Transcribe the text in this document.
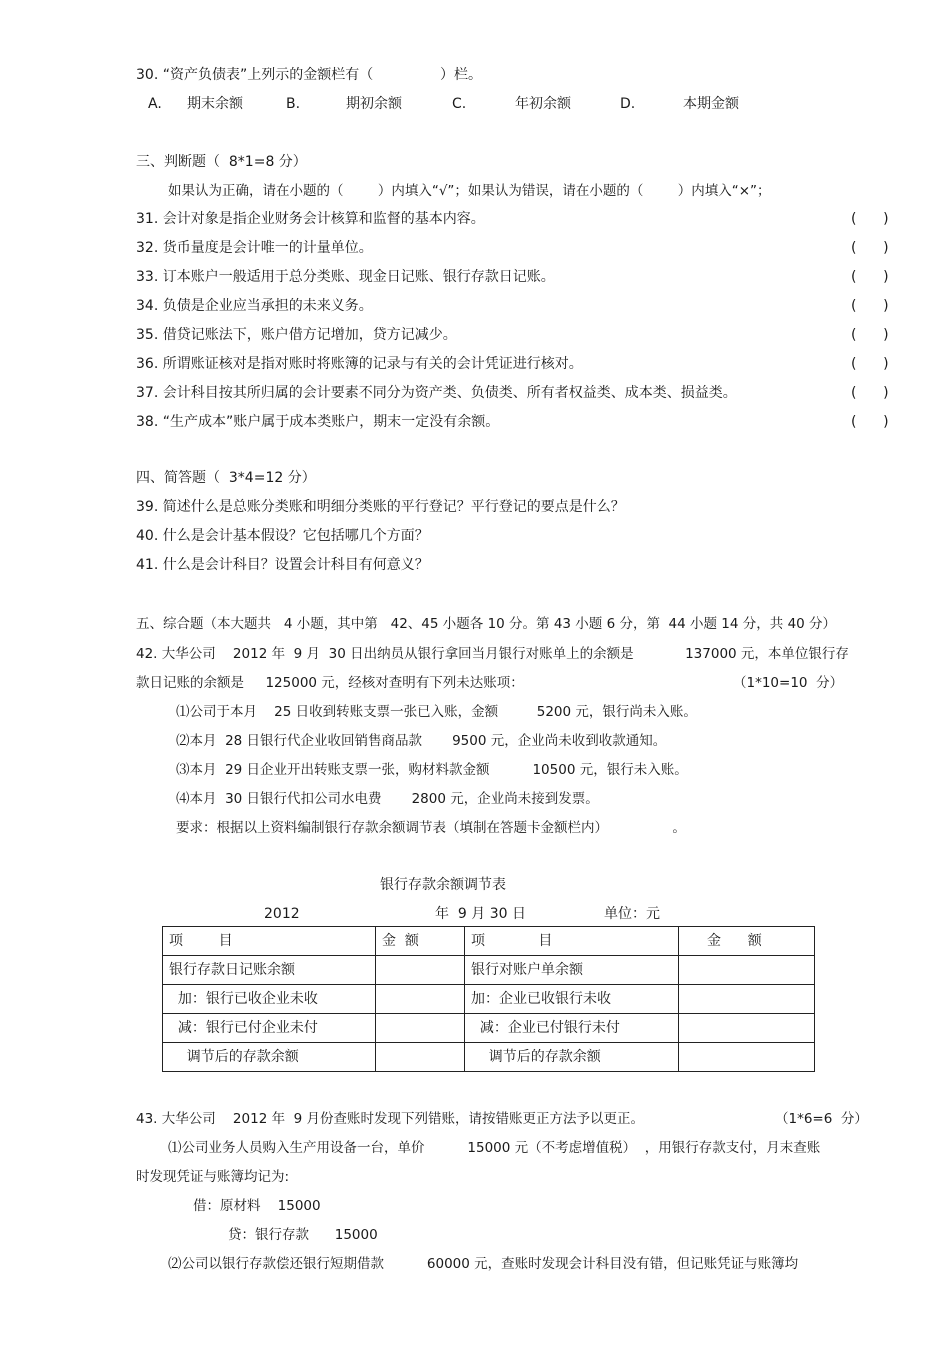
30. “资产负债表”上列示的金额栏有（               ）栏。
A. 期末余额	B.	期初余额	C.	年初余额	D.	本期金额
三、判断题（  8*1=8 分）
如果认为正确，请在小题的（        ）内填入“√”；如果认为错误，请在小题的（        ）内填入“×”；
31. 会计对象是指企业财务会计核算和监督的基本内容。	(      )
32. 货币量度是会计唯一的计量单位。	(      )
33. 订本账户一般适用于总分类账、现金日记账、银行存款日记账。	(      )
34. 负债是企业应当承担的未来义务。	(      )
35. 借贷记账法下，账户借方记增加，贷方记减少。	(      )
36. 所谓账证核对是指对账时将账簿的记录与有关的会计凭证进行核对。	(      )
37. 会计科目按其所归属的会计要素不同分为资产类、负债类、所有者权益类、成本类、损益类。	(      )
38. “生产成本”账户属于成本类账户，期末一定没有余额。	(      )
四、简答题（  3*4=12 分）
39. 简述什么是总账分类账和明细分类账的平行登记？平行登记的要点是什么？
40. 什么是会计基本假设？它包括哪几个方面？
41. 什么是会计科目？设置会计科目有何意义？
五、综合题（本大题共   4 小题，其中第   42、45 小题各 10 分。第 43 小题 6 分，第  44 小题 14 分，共 40 分）
42. 大华公司    2012 年  9 月  30 日出纳员从银行拿回当月银行对账单上的余额是            137000 元，本单位银行存
款日记账的余额是     125000 元，经核对查明有下列未达账项：	（1*10=10  分）
⑴公司于本月    25 日收到转账支票一张已入账，金额         5200 元，银行尚未入账。
⑵本月  28 日银行代企业收回销售商品款       9500 元，企业尚未收到收款通知。
⑶本月  29 日企业开出转账支票一张，购材料款金额          10500 元，银行未入账。
⑷本月  30 日银行代扣公司水电费       2800 元，企业尚未接到发票。
要求：根据以上资料编制银行存款余额调节表（填制在答题卡金额栏内）               。
银行存款余额调节表
2012	年  9 月 30 日	单位：元
项        目	金  额	项            目	金      额
银行存款日记账余额		银行对账户单余额	
加：银行已收企业未收		加：企业已收银行未收	
减：银行已付企业未付		减：企业已付银行未付	
调节后的存款余额		调节后的存款余额	
43. 大华公司    2012 年  9 月份查账时发现下列错账，请按错账更正方法予以更正。	（1*6=6  分）
⑴公司业务人员购入生产用设备一台，单价          15000 元（不考虑增值税）  ，用银行存款支付，月末查账
时发现凭证与账簿均记为:
借：原材料    15000
贷：银行存款      15000
⑵公司以银行存款偿还银行短期借款          60000 元，查账时发现会计科目没有错，但记账凭证与账簿均
